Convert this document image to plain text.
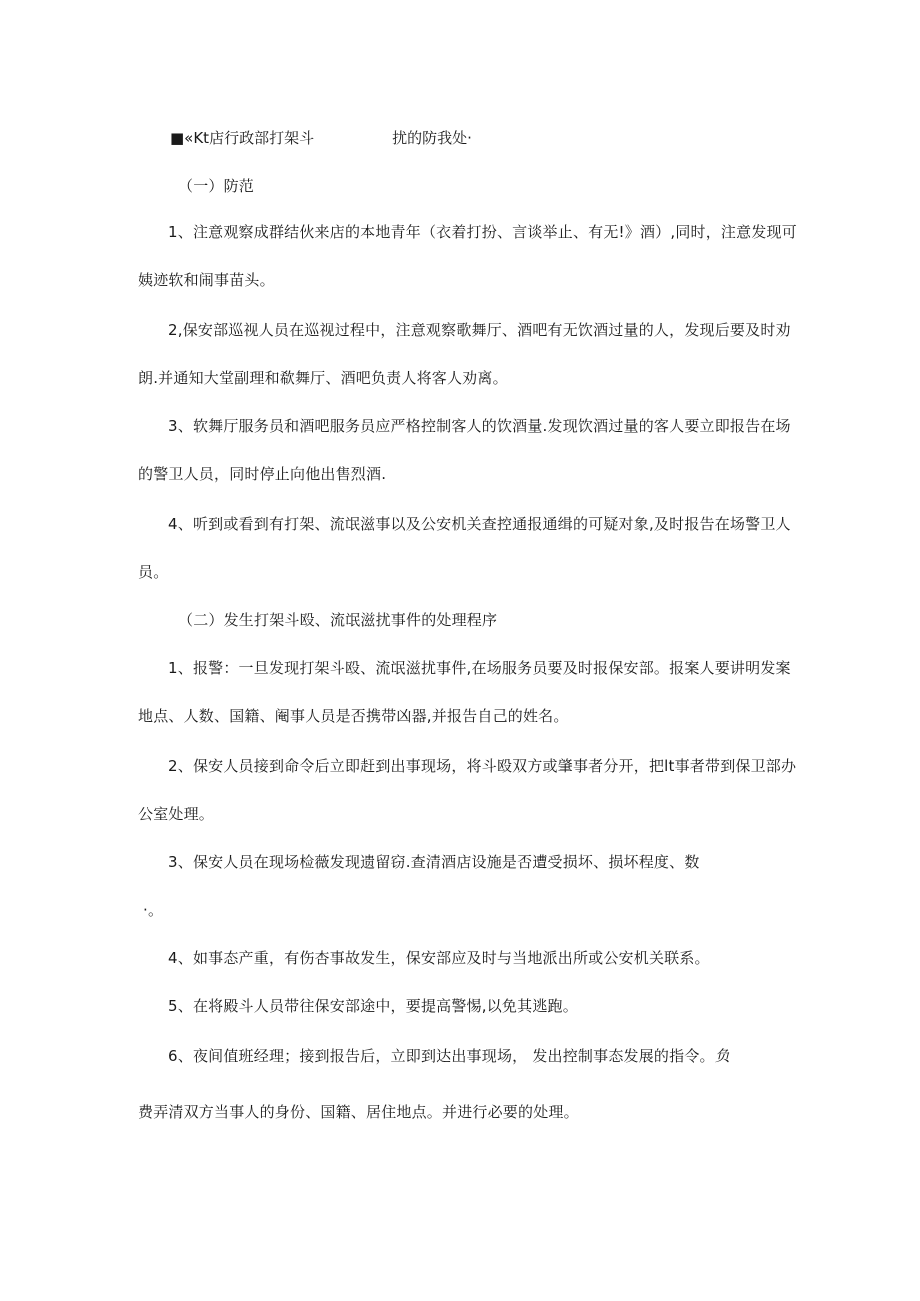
■«Kt店行政部打架斗	扰的防我处·
（一）防范
1、注意观察成群结伙来店的本地青年（衣着打扮、言谈举止、有无!》酒）,同时，注意发现可
姨迹软和闹事苗头。
2,保安部巡视人员在巡视过程中，注意观察歌舞厅、酒吧有无饮酒过量的人，发现后要及时劝
朗.并通知大堂副理和欷舞厅、酒吧负责人将客人劝离。
3、软舞厅服务员和酒吧服务员应严格控制客人的饮酒量.发现饮酒过量的客人要立即报告在场
的警卫人员，同时停止向他出售烈酒.
4、听到或看到有打架、流氓滋事以及公安机关查控通报通缉的可疑对象,及时报告在场警卫人
员。
（二）发生打架斗殴、流氓滋扰事件的处理程序
1、报警：一旦发现打架斗殴、流氓滋扰事件,在场服务员要及时报保安部。报案人要讲明发案
地点、人数、国籍、阉事人员是否携带凶器,并报告自己的姓名。
2、保安人员接到命令后立即赶到出事现场，将斗殴双方或肇事者分开，把lt事者带到保卫部办
公室处理。
3、保安人员在现场检薇发现遗留窃.查清酒店设施是否遭受损坏、损坏程度、数
·。
4、如事态产重，有伤杏事故发生，保安部应及时与当地派出所或公安机关联系。
5、在将殿斗人员带往保安部途中，要提高警惕,以免其逃跑。
6、夜间值班经理；接到报告后，立即到达出事现场， 发出控制事态发展的指令。负
费弄清双方当事人的身份、国籍、居住地点。并进行必要的处理。
